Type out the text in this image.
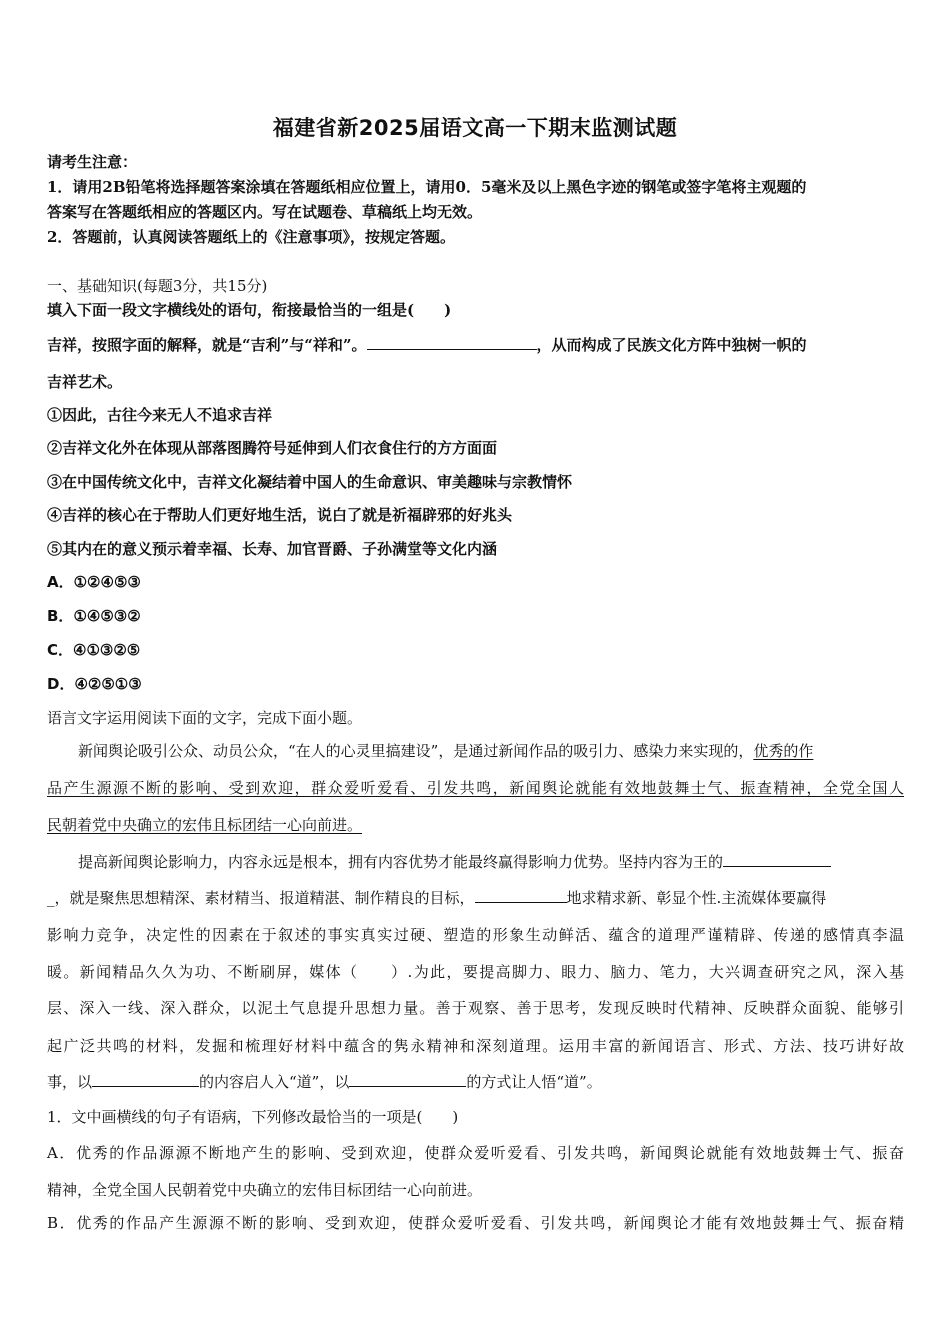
福建省新2025届语文高一下期末监测试题
请考生注意：
1．请用2B铅笔将选择题答案涂填在答题纸相应位置上，请用0．5毫米及以上黑色字迹的钢笔或签字笔将主观题的
答案写在答题纸相应的答题区内。写在试题卷、草稿纸上均无效。
2．答题前，认真阅读答题纸上的《注意事项》，按规定答题。
一、基础知识(每题3分，共15分)
填入下面一段文字横线处的语句，衔接最恰当的一组是(　　)
吉祥，按照字面的解释，就是“吉利”与“祥和”。	，从而构成了民族文化方阵中独树一帜的
吉祥艺术。
①因此，古往今来无人不追求吉祥
②吉祥文化外在体现从部落图腾符号延伸到人们衣食住行的方方面面
③在中国传统文化中，吉祥文化凝结着中国人的生命意识、审美趣味与宗教情怀
④吉祥的核心在于帮助人们更好地生活，说白了就是祈福辟邪的好兆头
⑤其内在的意义预示着幸福、长寿、加官晋爵、子孙满堂等文化内涵
A．①②④⑤③
B．①④⑤③②
C．④①③②⑤
D．④②⑤①③
语言文字运用阅读下面的文字，完成下面小题。
新闻舆论吸引公众、动员公众，“在人的心灵里搞建设”，是通过新闻作品的吸引力、感染力来实现的，优秀的作
品产生源源不断的影响、受到欢迎，群众爱听爱看、引发共鸣，新闻舆论就能有效地鼓舞士气、振查精神，全党全国人
民朝着党中央确立的宏伟且标团结一心向前进。
提高新闻舆论影响力，内容永远是根本，拥有内容优势才能最终赢得影响力优势。坚持内容为王的
_，就是聚焦思想精深、素材精当、报道精湛、制作精良的目标，	地求精求新、彰显个性.主流媒体要赢得
影响力竞争，决定性的因素在于叙述的事实真实过硬、塑造的形象生动鲜活、蕴含的道理严谨精辟、传递的感情真李温
暖。新闻精品久久为功、不断刷屏，媒体（　　）.为此，要提高脚力、眼力、脑力、笔力，大兴调查研究之风，深入基
层、深入一线、深入群众，以泥土气息提升思想力量。善于观察、善于思考，发现反映时代精神、反映群众面貌、能够引
起广泛共鸣的材料，发掘和梳理好材料中蕴含的隽永精神和深刻道理。运用丰富的新闻语言、形式、方法、技巧讲好故
事，以	的内容启人入“道”，以	的方式让人悟“道”。
1．文中画横线的句子有语病，下列修改最恰当的一项是(　　)
A．优秀的作品源源不断地产生的影响、受到欢迎，使群众爱听爱看、引发共鸣，新闻舆论就能有效地鼓舞士气、振奋
精神，全党全国人民朝着党中央确立的宏伟目标团结一心向前进。
B．优秀的作品产生源源不断的影响、受到欢迎，使群众爱听爱看、引发共鸣，新闻舆论才能有效地鼓舞士气、振奋精
